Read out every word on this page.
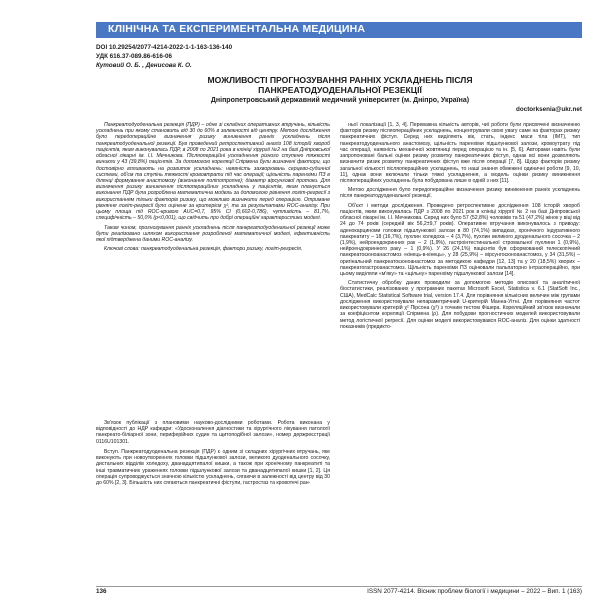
КЛІНІЧНА ТА ЕКСПЕРИМЕНТАЛЬНА МЕДИЦИНА
DOI 10.29254/2077-4214-2022-1-1-163-136-140
УДК 616.37-089.86-616-06
Кутовий О. Б. , Денисова К. О.
МОЖЛИВОСТІ ПРОГНОЗУВАННЯ РАННІХ УСКЛАДНЕНЬ ПІСЛЯ
ПАНКРЕАТОДУОДЕНАЛЬНОЇ РЕЗЕКЦІЇ
Дніпропетровський державний медичний університет (м. Дніпро, Україна)
doctorksenia@ukr.net

Панкреатодуоденальна резекція (ПДР) – одне зі складних оперативних втручань, кількість ускладнень при якому становить від 30 до 60% в залежності від центру. Метою дослідження було передопераційне визначення ризику виникнення ранніх ускладнень після панкреатодуоденальної резекції. Був проведений ретроспективний аналіз 108 історій хвороб пацієнтів, яким виконувалась ПДР, в 2008 по 2021 рока в клініці хірургії №2 на базі Дніпровської обласної лікарні ім. І.І. Мечникова. Післяопераційні ускладнення різного ступеню тяжкості виникли у 43 (39,8%) пацієнтів. За допомогою кореляції Спірмена були визначені фактори, що достовірно впливають на розвиток ускладнень: наявність захворювань серцево-судинної системи, об'єм та ступінь тяжкості крововтрати під час операції; щільність паренхіми ПЗ в ділянці формування анастомозу (виконання поліпотропне); діаметр вірсунгової протоки. Для визначення ризику виникнення післяопераційних ускладнень у пацієнтів, яким планується виконання ПДР була розроблена математична модель за допомогою рівняння логіт-регресії з використанням тільки факторів ризику, що можливо визначити перед операцією. Отримане рівняння логіт-регресії було оцінене за критерієм χ², та за результатами ROC-аналізу. При цьому площа під ROC-кривою AUC=0,7, 95% CI (0,602-0,786), чутливість – 81,7%, специфічність – 50,0% (р<0,001), що свідчить про добрі операційні характеристики моделі.

Таким чином, прогнозування ранніх ускладнень після панкреатодуоденальної резекції може бути реалізовано шляхом використання розробленої математичної моделі, ефективність якої підтверджена даними ROC-аналізу.

Ключові слова: панкреатодуоденальна резекція, фактори ризику, логіт-регресія.

Зв'язок публікації з плановими науково-дослідними роботами. Робота виконана у відповідності до НДР кафедри: «Удосконалення діагностики та хірургічного лікування патології панкреато-біліарної зони, периферійних судин та щитоподібної залози», номер держреєстрації 0116U101301.

Вступ. Панкреатодуоденальна резекція (ПДР) є одним зі складних хірургічних втручань, яке виконують при новоутвореннях головки підшлункової залози, великого дуоденального сосочку, дистальних відділів холедоху, дванадцятипалої кишки, а також при хронічному панкреатиті та інші травматичних ураженнях головки підшлункової залози та дванадцятипалої кишки [1, 2]. Ця операція супроводжується значною кількістю ускладнень, сягаючи в залежності від центру від 30 до 60% [2, 3]. Більшість них сягаються панкреатичні фістули, гастростаз та кровотечі ран-

ньої локалізації [1, 3, 4]. Переважна кількість авторів, чиї роботи були присвячені визначенню факторів ризику післяопераційних ускладнень, концентрували свою увагу саме на факторах ризику панкреатичних фістул. Серед них виділяють вік, стать, індекс маси тіла (ІМТ), тип панкреатодуоденального анастомозу, щільність паренхіми підшлункової залози, кровоутрату під час операції, наявність механічної жовтяниці перед операцією та ін. [5, 6]. Авторами навіть були запропоновані бальні оцінки ризику розвитку панкреатичних фістул, однак всі вони дозволяють визначити ризик розвитку панкреатичних фістул вже після операції [7, 8]. Щодо факторів ризику загальної кількості післяопераційних ускладнень, то наші знання обмежені одиничні роботи [9, 10, 11], однак вони включали тільки тяжкі ускладнення, а модель оцінки ризику виникнення післяопераційних ускладнень була побудована лише в одній з них [11].

Метою дослідження було передопераційне визначення ризику виникнення ранніх ускладнень після панкреатодуоденальної резекції.

Об'єкт і методи дослідження. Проведено ретроспективне дослідження 108 історій хвороб пацієнтів, яким виконувалась ПДР з 2008 по 2021 рок в клініці хірургії № 2 на базі Дніпровської обласної лікарні ім. І.І. Мечникова. Серед них було 57 (52,8%) чоловіків та 51 (47,2%) жінок у віці від 24 до 74 років (середній вік 56,2±9,7 років). Оперативне втручання виконувалось з приводу: аденокарциноми головки підшлункової залози в 80 (74,1%) випадках, хронічного індуративного панкреатиту – 18 (16,7%), пухлин холедоха – 4 (3,7%), пухлин великого дуоденального сосочка – 2 (1,9%), нейроендокринних рак – 2 (1,9%), гастроінтестинальної стромальної пухлини 1 (0,9%), нейроендокринного раку – 1 (0,9%). У 26 (24,1%) пацієнтів був сформований телескопічний панкреатоєюноанастомоз «кінець-в-кінець», у 28 (25,9%) – вірсунгоєюноанастомоз, у 34 (31,5%) – оригінальний панкреатоєюноанастомоз за методикою кафедри [12, 13] та у 20 (18,5%) хворих – панкреатогастроанастомоз. Щільність паренхіми ПЗ оцінювали пальпаторно інтраопераційно, при цьому виділяли «м'яку» та «щільну» паренхіму підшлункової залози [14].

Статистичну обробку даних проводили за допомогою методів описової та аналітичної біостатистики, реалізованих у програмних пакетах Microsoft Excel, Statistica v. 6.1 (StatSoft Inc., США), MedCalc Statistical Software trial, version 17.4. Для порівняння кількісних величин між групами дослідження використовували непараметричний U-критерій Манна-Уітні. Для порівняння частот використовували критерій χ² Пірсона (χ²) з точним тестом Фішера. Кореляційний зв'язок визначали за коефіцієнтом кореляції Спірмена (ρ). Для побудови прогностичних моделей використовували метод логістичної регресії. Для оцінки моделі використовувався ROC-аналіз. Для оцінки здатності показників (предикто-

136	ISSN 2077-4214. Вісник проблем біології і медицини – 2022 – Вип. 1 (163)
